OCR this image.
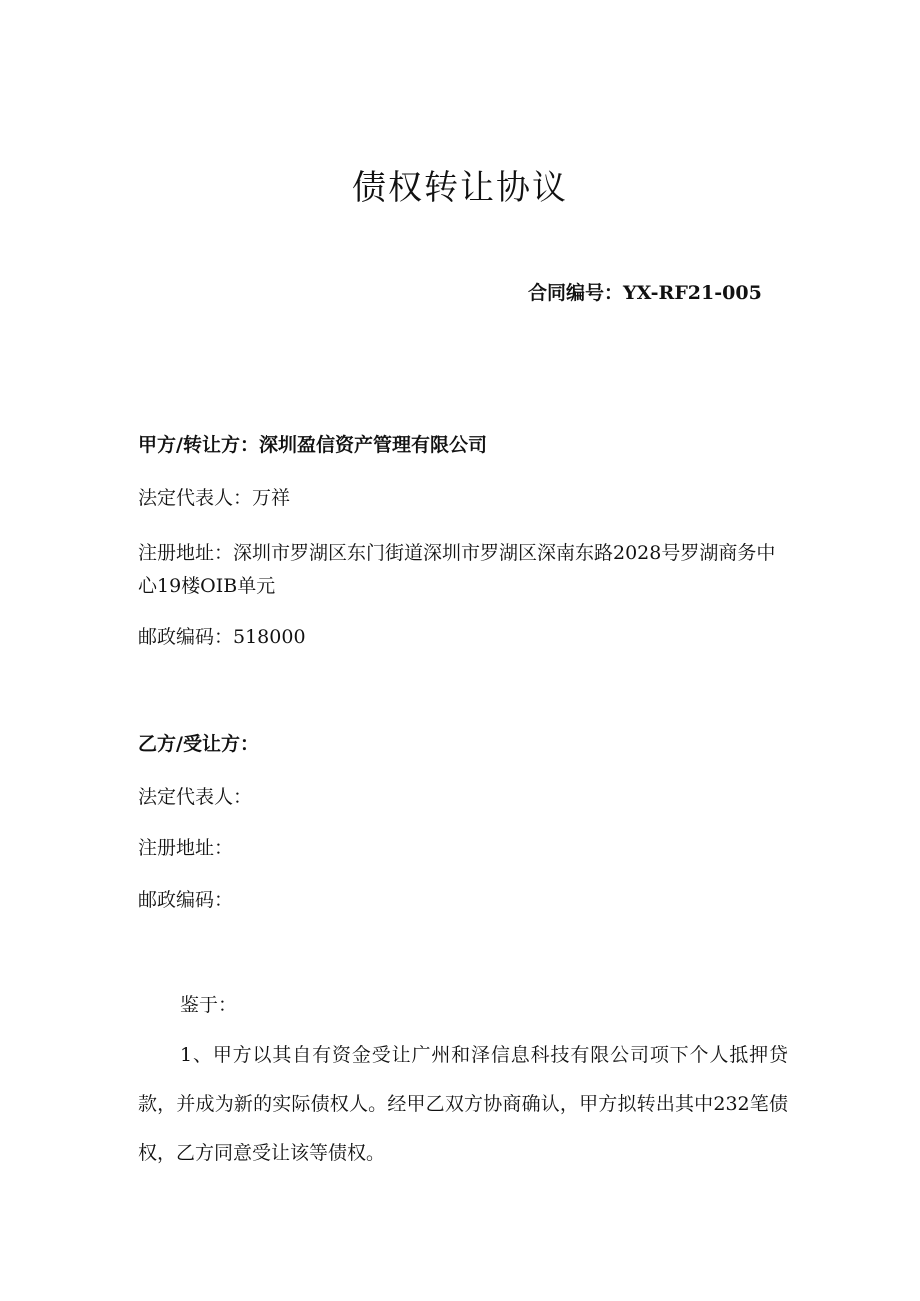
债权转让协议
合同编号：YX-RF21-005
甲方/转让方：深圳盈信资产管理有限公司
法定代表人：万祥
注册地址：深圳市罗湖区东门街道深圳市罗湖区深南东路2028号罗湖商务中心19楼OIB单元
邮政编码：518000
乙方/受让方：
法定代表人：
注册地址：
邮政编码：
鉴于：
1、甲方以其自有资金受让广州和泽信息科技有限公司项下个人抵押贷款，并成为新的实际债权人。经甲乙双方协商确认，甲方拟转出其中232笔债权，乙方同意受让该等债权。
